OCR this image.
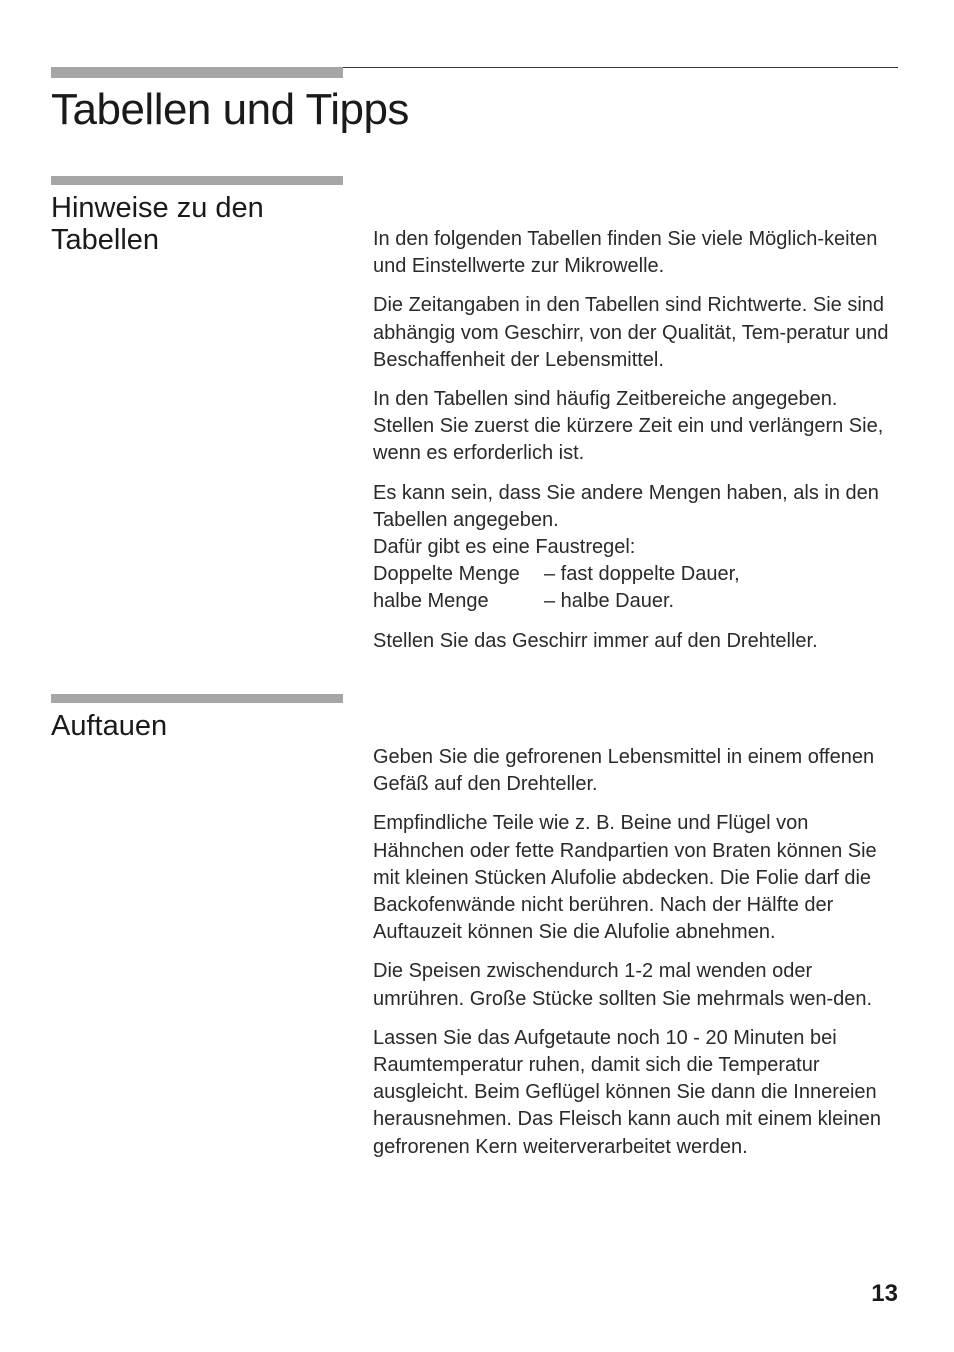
Tabellen und Tipps
Hinweise zu den
Tabellen	In den folgenden Tabellen finden Sie viele Möglich-keiten und Einstellwerte zur Mikrowelle.

Die Zeitangaben in den Tabellen sind Richtwerte. Sie sind abhängig vom Geschirr, von der Qualität, Tem-peratur und Beschaffenheit der Lebensmittel.

In den Tabellen sind häufig Zeitbereiche angegeben. Stellen Sie zuerst die kürzere Zeit ein und verlängern Sie, wenn es erforderlich ist.

Es kann sein, dass Sie andere Mengen haben, als in den Tabellen angegeben.
Dafür gibt es eine Faustregel:
Doppelte Menge – fast doppelte Dauer,
halbe Menge	– halbe Dauer.

Stellen Sie das Geschirr immer auf den Drehteller.

Auftauen

Geben Sie die gefrorenen Lebensmittel in einem offenen Gefäß auf den Drehteller.

Empfindliche Teile wie z. B. Beine und Flügel von Hähnchen oder fette Randpartien von Braten können Sie mit kleinen Stücken Alufolie abdecken. Die Folie darf die Backofenwände nicht berühren. Nach der Hälfte der Auftauzeit können Sie die Alufolie abnehmen.

Die Speisen zwischendurch 1-2 mal wenden oder umrühren. Große Stücke sollten Sie mehrmals wen-den.

Lassen Sie das Aufgetaute noch 10 - 20 Minuten bei Raumtemperatur ruhen, damit sich die Temperatur ausgleicht. Beim Geflügel können Sie dann die Innereien herausnehmen. Das Fleisch kann auch mit einem kleinen gefrorenen Kern weiterverarbeitet werden.

13
